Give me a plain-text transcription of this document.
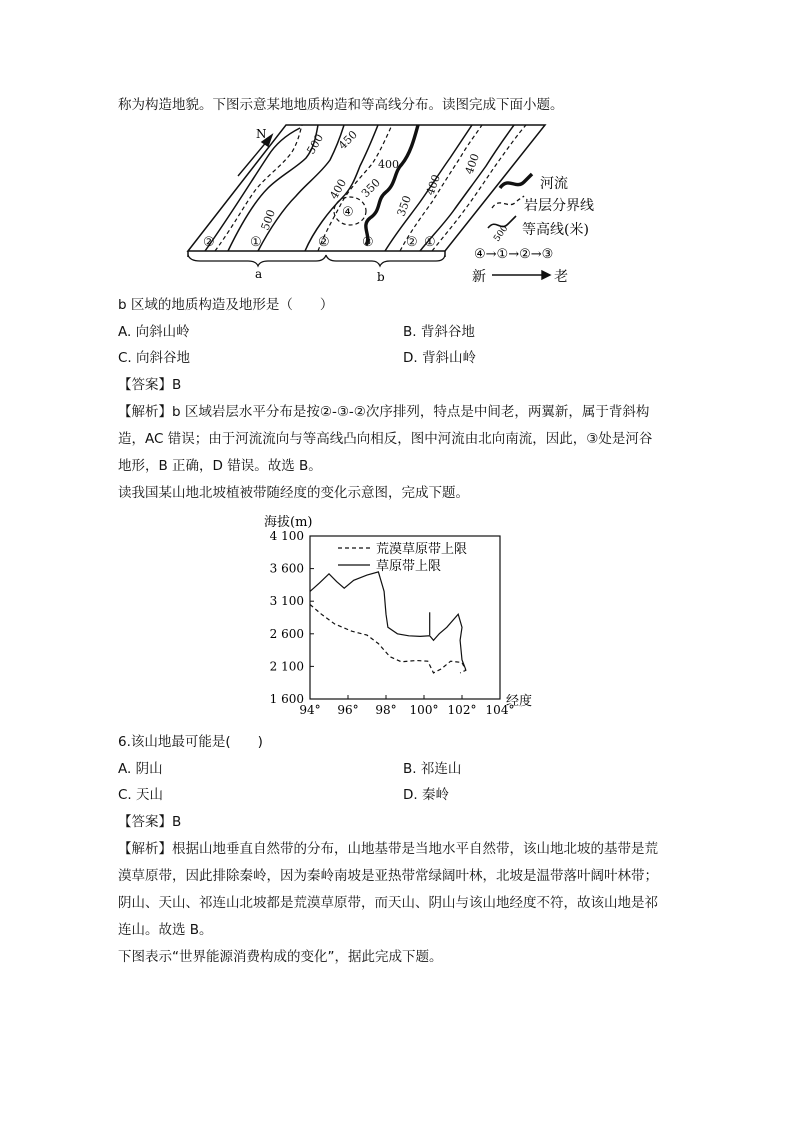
称为构造地貌。下图示意某地地质构造和等高线分布。读图完成下面小题。
N	500 450
400	400
400 350
350
500
400
②	①
④
② ③ ② ①
a	b
河流
岩层分界线
500 等高线(米)
④→①→②→③
新	老
b 区域的地质构造及地形是（　　）
A. 向斜山岭	B. 背斜谷地
C. 向斜谷地	D. 背斜山岭
【答案】B
【解析】b 区域岩层水平分布是按②-③-②次序排列，特点是中间老，两翼新，属于背斜构
造，AC 错误；由于河流流向与等高线凸向相反，图中河流由北向南流，因此，③处是河谷
地形，B 正确，D 错误。故选 B。
读我国某山地北坡植被带随经度的变化示意图，完成下题。
海拔(m)
4 100
3 600
3 100
2 600
2 100
1 600
94° 96° 98° 100° 102° 104°
经度
荒漠草原带上限
草原带上限
6.该山地最可能是(　　)
A. 阴山	B. 祁连山
C. 天山	D. 秦岭
【答案】B
【解析】根据山地垂直自然带的分布，山地基带是当地水平自然带，该山地北坡的基带是荒
漠草原带，因此排除秦岭，因为秦岭南坡是亚热带常绿阔叶林，北坡是温带落叶阔叶林带；
阴山、天山、祁连山北坡都是荒漠草原带，而天山、阴山与该山地经度不符，故该山地是祁
连山。故选 B。
下图表示“世界能源消费构成的变化”，据此完成下题。
